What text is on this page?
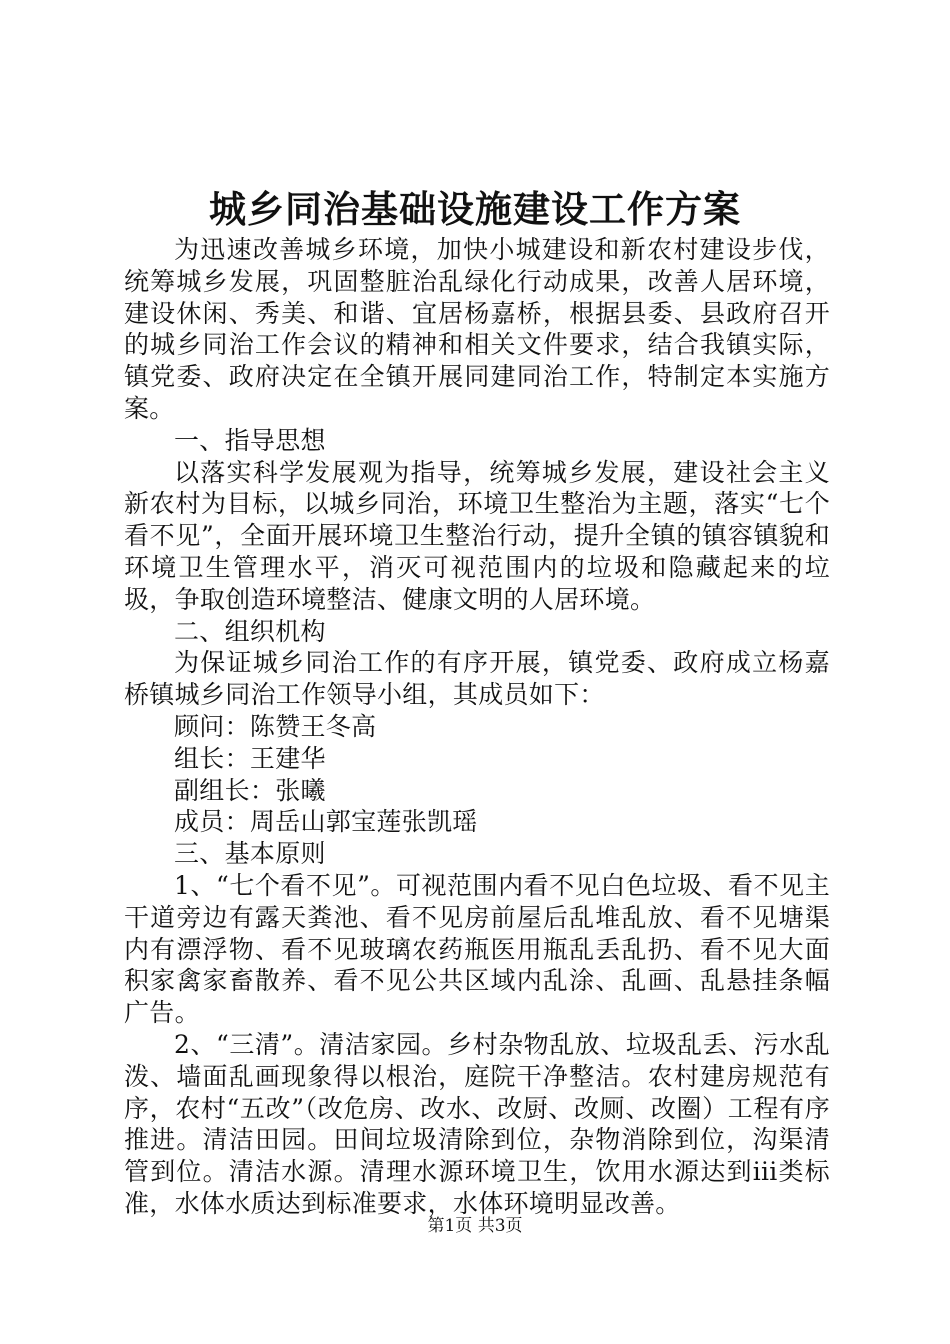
城乡同治基础设施建设工作方案

为迅速改善城乡环境，加快小城建设和新农村建设步伐，统筹城乡发展，巩固整脏治乱绿化行动成果，改善人居环境，建设休闲、秀美、和谐、宜居杨嘉桥，根据县委、县政府召开的城乡同治工作会议的精神和相关文件要求，结合我镇实际，镇党委、政府决定在全镇开展同建同治工作，特制定本实施方案。

一、指导思想

以落实科学发展观为指导，统筹城乡发展，建设社会主义新农村为目标，以城乡同治，环境卫生整治为主题，落实“七个看不见”，全面开展环境卫生整治行动，提升全镇的镇容镇貌和环境卫生管理水平，消灭可视范围内的垃圾和隐藏起来的垃圾，争取创造环境整洁、健康文明的人居环境。

二、组织机构

为保证城乡同治工作的有序开展，镇党委、政府成立杨嘉桥镇城乡同治工作领导小组，其成员如下：

顾问：陈赞王冬高

组长：王建华

副组长：张曦

成员：周岳山郭宝莲张凯瑶

三、基本原则

1、“七个看不见”。可视范围内看不见白色垃圾、看不见主干道旁边有露天粪池、看不见房前屋后乱堆乱放、看不见塘渠内有漂浮物、看不见玻璃农药瓶医用瓶乱丢乱扔、看不见大面积家禽家畜散养、看不见公共区域内乱涂、乱画、乱悬挂条幅广告。

2、“三清”。清洁家园。乡村杂物乱放、垃圾乱丢、污水乱泼、墙面乱画现象得以根治，庭院干净整洁。农村建房规范有序，农村“五改”（改危房、改水、改厨、改厕、改圈）工程有序推进。清洁田园。田间垃圾清除到位，杂物消除到位，沟渠清管到位。清洁水源。清理水源环境卫生，饮用水源达到iii类标准，水体水质达到标准要求，水体环境明显改善。

第1页 共3页
